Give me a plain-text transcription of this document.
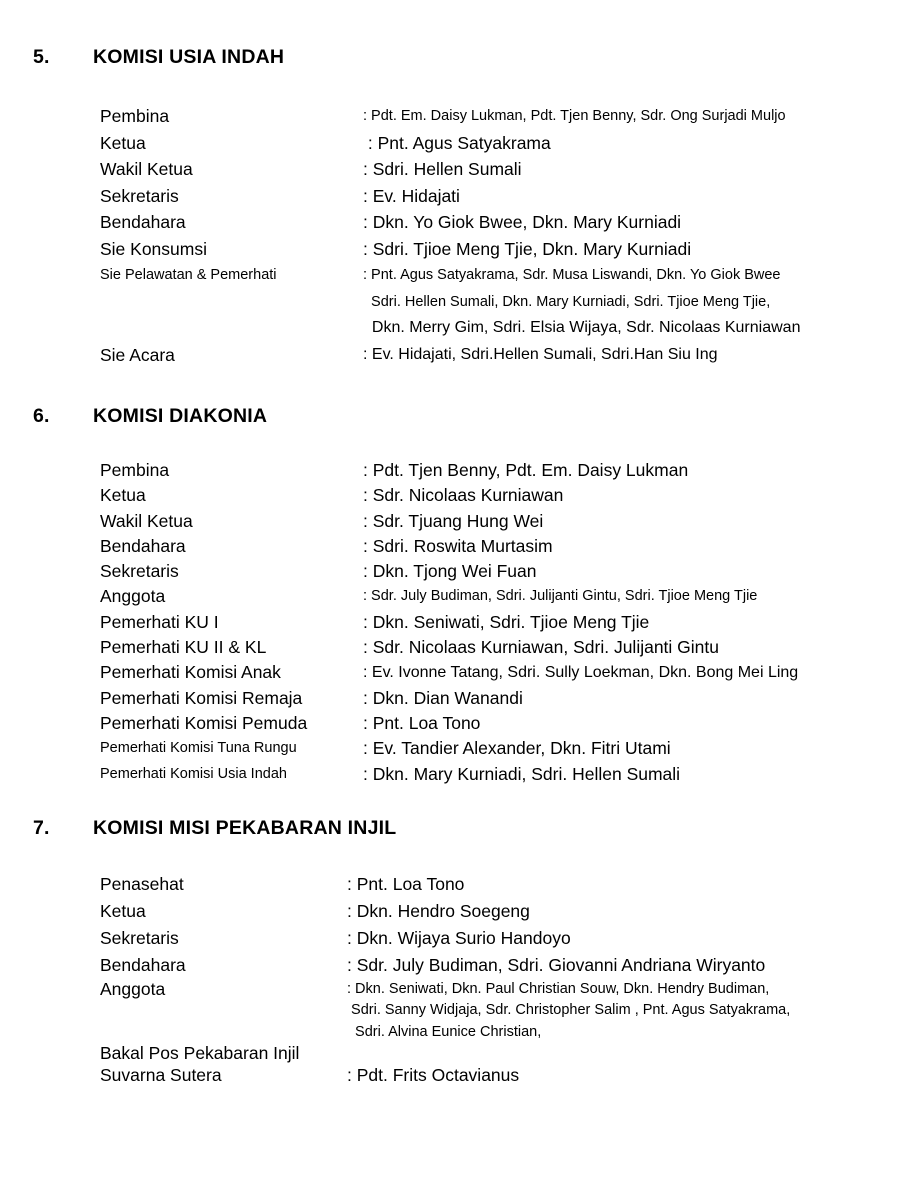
5.	KOMISI USIA INDAH
Pembina	: Pdt. Em. Daisy Lukman, Pdt. Tjen Benny, Sdr. Ong Surjadi Muljo
Ketua	: Pnt. Agus Satyakrama
Wakil Ketua	: Sdri. Hellen Sumali
Sekretaris	: Ev. Hidajati
Bendahara	: Dkn. Yo Giok Bwee, Dkn. Mary Kurniadi
Sie Konsumsi	: Sdri. Tjioe Meng Tjie, Dkn. Mary Kurniadi
Sie Pelawatan & Pemerhati	: Pnt. Agus Satyakrama, Sdr. Musa Liswandi, Dkn. Yo Giok Bwee
Sdri. Hellen Sumali, Dkn. Mary Kurniadi, Sdri. Tjioe Meng Tjie,
Dkn. Merry Gim, Sdri. Elsia Wijaya, Sdr. Nicolaas Kurniawan
Sie Acara	: Ev. Hidajati, Sdri.Hellen Sumali, Sdri.Han Siu Ing
6.	KOMISI DIAKONIA
Pembina	: Pdt. Tjen Benny, Pdt. Em. Daisy Lukman
Ketua	: Sdr. Nicolaas Kurniawan
Wakil Ketua	: Sdr. Tjuang Hung Wei
Bendahara	: Sdri. Roswita Murtasim
Sekretaris	: Dkn. Tjong Wei Fuan
Anggota	: Sdr. July Budiman, Sdri. Julijanti Gintu, Sdri. Tjioe Meng Tjie
Pemerhati KU I	: Dkn. Seniwati, Sdri. Tjioe Meng Tjie
Pemerhati KU II & KL	: Sdr. Nicolaas Kurniawan, Sdri. Julijanti Gintu
Pemerhati Komisi Anak	: Ev. Ivonne Tatang, Sdri. Sully Loekman, Dkn. Bong Mei Ling
Pemerhati Komisi Remaja	: Dkn. Dian Wanandi
Pemerhati Komisi Pemuda	: Pnt. Loa Tono
Pemerhati Komisi Tuna Rungu	: Ev. Tandier Alexander, Dkn. Fitri Utami
Pemerhati Komisi Usia Indah	: Dkn. Mary Kurniadi, Sdri. Hellen Sumali
7.	KOMISI MISI PEKABARAN INJIL
Penasehat	: Pnt. Loa Tono
Ketua	: Dkn. Hendro Soegeng
Sekretaris	: Dkn. Wijaya Surio Handoyo
Bendahara	: Sdr. July Budiman, Sdri. Giovanni Andriana Wiryanto
Anggota	: Dkn. Seniwati, Dkn. Paul Christian Souw, Dkn. Hendry Budiman,
Sdri. Sanny Widjaja, Sdr. Christopher Salim , Pnt. Agus Satyakrama,
Sdri. Alvina Eunice Christian,
Bakal Pos Pekabaran Injil
Suvarna Sutera	: Pdt. Frits Octavianus
